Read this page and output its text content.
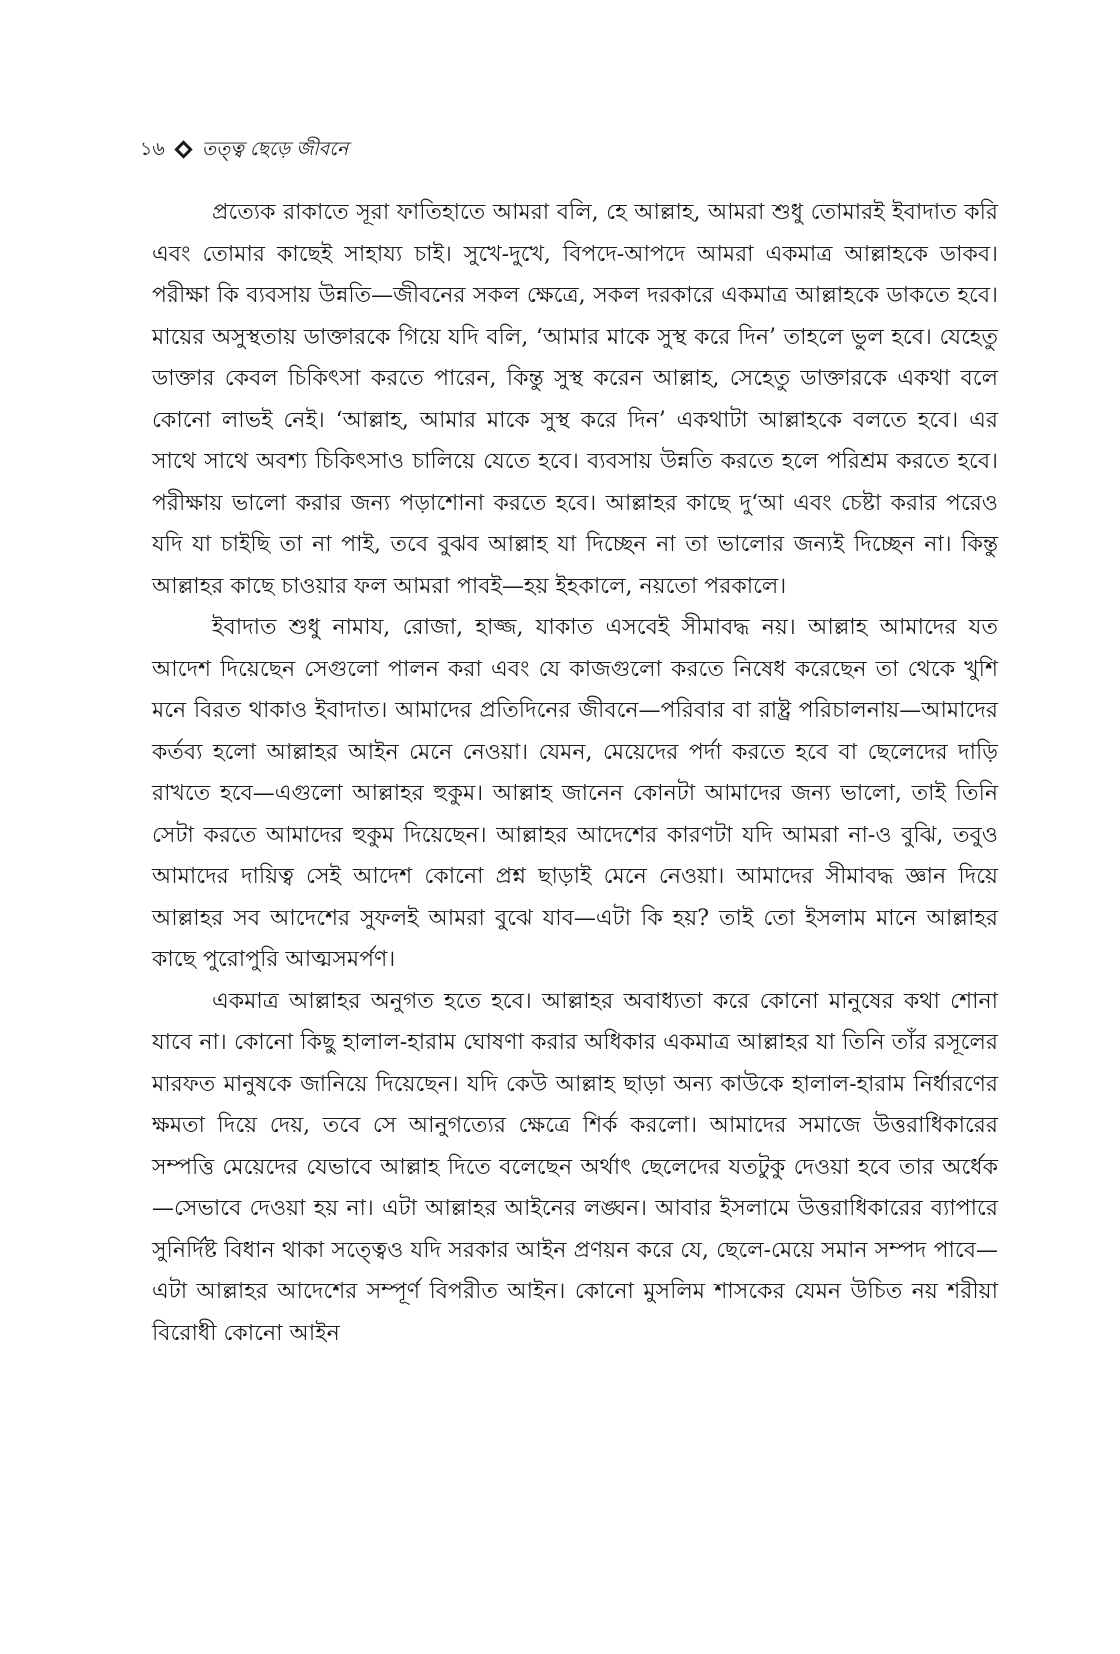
১৬ তত্ত্ব ছেড়ে জীবনে

প্রত্যেক রাকাতে সূরা ফাতিহাতে আমরা বলি, হে আল্লাহ, আমরা শুধু তোমারই ইবাদাত করি এবং তোমার কাছেই সাহায্য চাই। সুখে-দুখে, বিপদে-আপদে আমরা একমাত্র আল্লাহকে ডাকব। পরীক্ষা কি ব্যবসায় উন্নতি—জীবনের সকল ক্ষেত্রে, সকল দরকারে একমাত্র আল্লাহকে ডাকতে হবে। মায়ের অসুস্থতায় ডাক্তারকে গিয়ে যদি বলি, ‘আমার মাকে সুস্থ করে দিন’ তাহলে ভুল হবে। যেহেতু ডাক্তার কেবল চিকিৎসা করতে পারেন, কিন্তু সুস্থ করেন আল্লাহ, সেহেতু ডাক্তারকে একথা বলে কোনো লাভই নেই। ‘আল্লাহ, আমার মাকে সুস্থ করে দিন’ একথাটা আল্লাহকে বলতে হবে। এর সাথে সাথে অবশ্য চিকিৎসাও চালিয়ে যেতে হবে। ব্যবসায় উন্নতি করতে হলে পরিশ্রম করতে হবে। পরীক্ষায় ভালো করার জন্য পড়াশোনা করতে হবে। আল্লাহর কাছে দু‘আ এবং চেষ্টা করার পরেও যদি যা চাইছি তা না পাই, তবে বুঝব আল্লাহ যা দিচ্ছেন না তা ভালোর জন্যই দিচ্ছেন না। কিন্তু আল্লাহর কাছে চাওয়ার ফল আমরা পাবই—হয় ইহকালে, নয়তো পরকালে।

ইবাদাত শুধু নামায, রোজা, হাজ্জ, যাকাত এসবেই সীমাবদ্ধ নয়। আল্লাহ আমাদের যত আদেশ দিয়েছেন সেগুলো পালন করা এবং যে কাজগুলো করতে নিষেধ করেছেন তা থেকে খুশি মনে বিরত থাকাও ইবাদাত। আমাদের প্রতিদিনের জীবনে—পরিবার বা রাষ্ট্র পরিচালনায়—আমাদের কর্তব্য হলো আল্লাহর আইন মেনে নেওয়া। যেমন, মেয়েদের পর্দা করতে হবে বা ছেলেদের দাড়ি রাখতে হবে—এগুলো আল্লাহর হুকুম। আল্লাহ জানেন কোনটা আমাদের জন্য ভালো, তাই তিনি সেটা করতে আমাদের হুকুম দিয়েছেন। আল্লাহর আদেশের কারণটা যদি আমরা না-ও বুঝি, তবুও আমাদের দায়িত্ব সেই আদেশ কোনো প্রশ্ন ছাড়াই মেনে নেওয়া। আমাদের সীমাবদ্ধ জ্ঞান দিয়ে আল্লাহর সব আদেশের সুফলই আমরা বুঝে যাব—এটা কি হয়? তাই তো ইসলাম মানে আল্লাহর কাছে পুরোপুরি আত্মসমর্পণ।

একমাত্র আল্লাহর অনুগত হতে হবে। আল্লাহর অবাধ্যতা করে কোনো মানুষের কথা শোনা যাবে না। কোনো কিছু হালাল-হারাম ঘোষণা করার অধিকার একমাত্র আল্লাহর যা তিনি তাঁর রসূলের মারফত মানুষকে জানিয়ে দিয়েছেন। যদি কেউ আল্লাহ ছাড়া অন্য কাউকে হালাল-হারাম নির্ধারণের ক্ষমতা দিয়ে দেয়, তবে সে আনুগত্যের ক্ষেত্রে শির্ক করলো। আমাদের সমাজে উত্তরাধিকারের সম্পত্তি মেয়েদের যেভাবে আল্লাহ দিতে বলেছেন অর্থাৎ ছেলেদের যতটুকু দেওয়া হবে তার অর্ধেক—সেভাবে দেওয়া হয় না। এটা আল্লাহর আইনের লঙ্ঘন। আবার ইসলামে উত্তরাধিকারের ব্যাপারে সুনির্দিষ্ট বিধান থাকা সত্ত্বেও যদি সরকার আইন প্রণয়ন করে যে, ছেলে-মেয়ে সমান সম্পদ পাবে—এটা আল্লাহর আদেশের সম্পূর্ণ বিপরীত আইন। কোনো মুসলিম শাসকের যেমন উচিত নয় শরীয়া বিরোধী কোনো আইন
